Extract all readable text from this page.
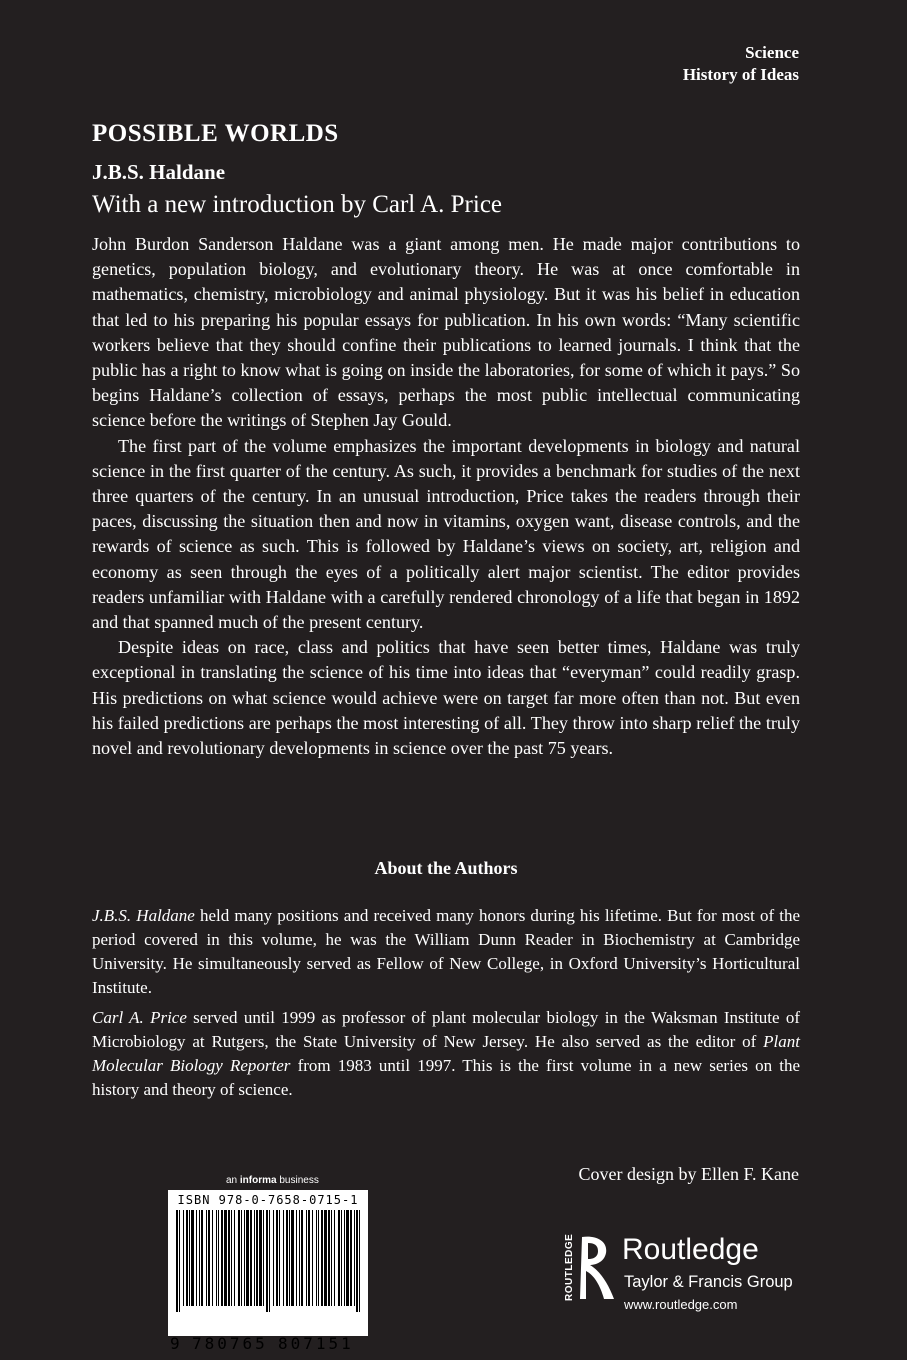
Science
History of Ideas
POSSIBLE WORLDS
J.B.S. Haldane
With a new introduction by Carl A. Price

John Burdon Sanderson Haldane was a giant among men. He made major contributions to genetics, population biology, and evolutionary theory. He was at once comfortable in mathematics, chemistry, microbiology and animal physiology. But it was his belief in education that led to his preparing his popular essays for publication. In his own words: “Many scientific workers believe that they should confine their publications to learned journals. I think that the public has a right to know what is going on inside the laboratories, for some of which it pays.” So begins Haldane’s collection of essays, perhaps the most public intellectual communicating science before the writings of Stephen Jay Gould.

The first part of the volume emphasizes the important developments in biology and natural science in the first quarter of the century. As such, it provides a benchmark for studies of the next three quarters of the century. In an unusual introduction, Price takes the readers through their paces, discussing the situation then and now in vitamins, oxygen want, disease controls, and the rewards of science as such. This is followed by Haldane’s views on society, art, religion and economy as seen through the eyes of a politically alert major scientist. The editor provides readers unfamiliar with Haldane with a carefully rendered chronology of a life that began in 1892 and that spanned much of the present century.

Despite ideas on race, class and politics that have seen better times, Haldane was truly exceptional in translating the science of his time into ideas that “everyman” could readily grasp. His predictions on what science would achieve were on target far more often than not. But even his failed predictions are perhaps the most interesting of all. They throw into sharp relief the truly novel and revolutionary developments in science over the past 75 years.

About the Authors

J.B.S. Haldane held many positions and received many honors during his lifetime. But for most of the period covered in this volume, he was the William Dunn Reader in Biochemistry at Cambridge University. He simultaneously served as Fellow of New College, in Oxford University’s Horticultural Institute.

Carl A. Price served until 1999 as professor of plant molecular biology in the Waksman Institute of Microbiology at Rutgers, the State University of New Jersey. He also served as the editor of Plant Molecular Biology Reporter from 1983 until 1997. This is the first volume in a new series on the history and theory of science.

Cover design by Ellen F. Kane
an informa business
ISBN 978-0-7658-0715-1
9 780765 807151
ROUTLEDGE Routledge
Taylor & Francis Group
www.routledge.com
